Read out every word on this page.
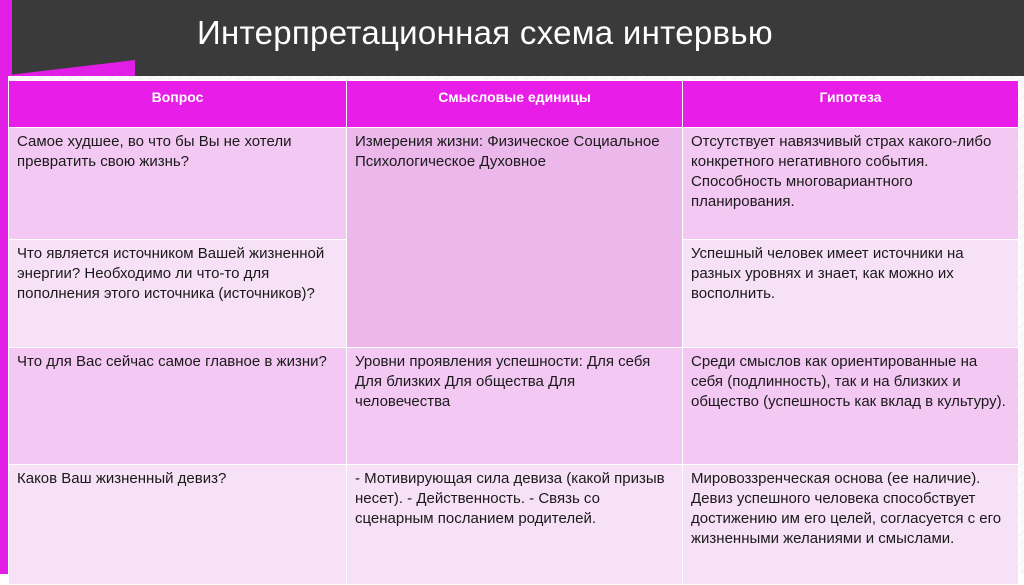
Интерпретационная схема интервью
Вопрос	Смысловые единицы	Гипотеза
Самое худшее, во что бы Вы не хотели превратить свою жизнь?	Измерения жизни: Физическое Социальное Психологическое Духовное	Отсутствует навязчивый страх какого-либо конкретного негативного события. Способность многовариантного планирования.
Что является источником Вашей жизненной энергии? Необходимо ли что-то для пополнения этого источника (источников)?		Успешный человек имеет источники на разных уровнях и знает, как можно их восполнить.
Что для Вас сейчас самое главное в жизни?	Уровни проявления успешности: Для себя Для близких Для общества Для человечества	Среди смыслов как ориентированные на себя (подлинность), так и на близких и общество (успешность как вклад в культуру).
Каков Ваш жизненный девиз?	- Мотивирующая сила девиза (какой призыв несет). - Действенность. - Связь со сценарным посланием родителей.	Мировоззренческая основа (ее наличие). Девиз успешного человека способствует достижению им его целей, согласуется с его жизненными желаниями и смыслами.
